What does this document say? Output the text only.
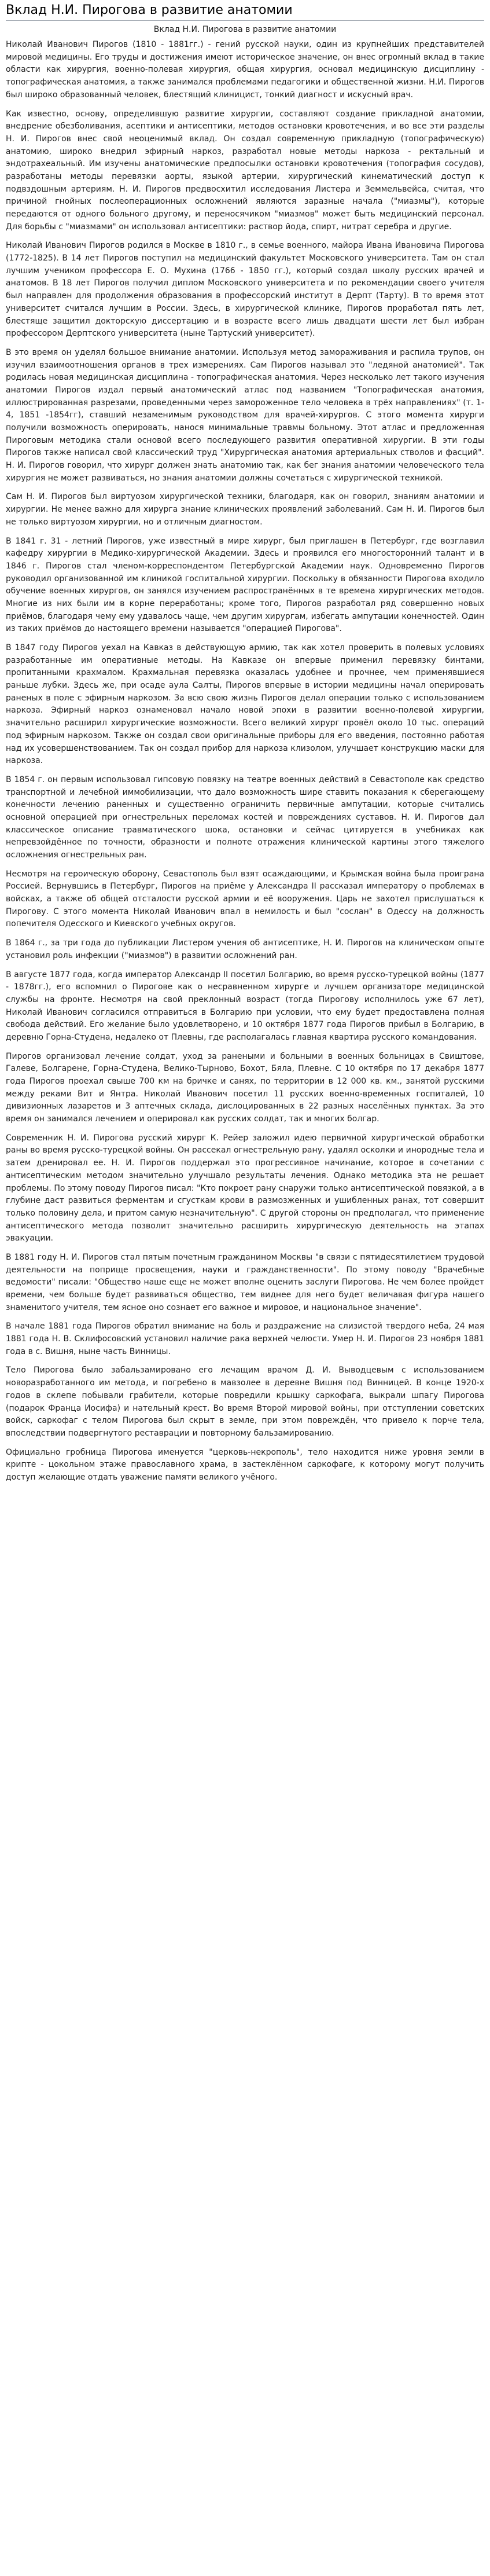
Вклад Н.И. Пирогова в развитие анатомии
Вклад Н.И. Пирогова в развитие анатомии

Николай Иванович Пирогов (1810 - 1881гг.) - гений русской науки, один из крупнейших представителей мировой медицины. Его труды и достижения имеют историческое значение, он внес огромный вклад в такие области как хирургия, военно-полевая хирургия, общая хирургия, основал медицинскую дисциплину - топографическая анатомия, а также занимался проблемами педагогики и общественной жизни. Н.И. Пирогов был широко образованный человек, блестящий клиницист, тонкий диагност и искусный врач.

Как известно, основу, определившую развитие хирургии, составляют создание прикладной анатомии, внедрение обезболивания, асептики и антисептики, методов остановки кровотечения, и во все эти разделы Н. И. Пирогов внес свой неоценимый вклад. Он создал современную прикладную (топографическую) анатомию, широко внедрил эфирный наркоз, разработал новые методы наркоза - ректальный и эндотрахеальный. Им изучены анатомические предпосылки остановки кровотечения (топография сосудов), разработаны методы перевязки аорты, языкой артерии, хирургический кинематический доступ к подвздошным артериям. Н. И. Пирогов предвосхитил исследования Листера и Земмельвейса, считая, что причиной гнойных послеоперационных осложнений являются заразные начала ("миазмы"), которые передаются от одного больного другому, и переносячиком "миазмов" может быть медицинский персонал. Для борьбы с "миазмами" он использовал антисептики: раствор йода, спирт, нитрат серебра и другие.

Николай Иванович Пирогов родился в Москве в 1810 г., в семье военного, майора Ивана Ивановича Пирогова (1772-1825). В 14 лет Пирогов поступил на медицинский факультет Московского университета. Там он стал лучшим учеником профессора Е. О. Мухина (1766 - 1850 гг.), который создал школу русских врачей и анатомов. В 18 лет Пирогов получил диплом Московского университета и по рекомендации своего учителя был направлен для продолжения образования в профессорский институт в Дерпт (Тарту). В то время этот университет считался лучшим в России. Здесь, в хирургической клинике, Пирогов проработал пять лет, блестяще защитил докторскую диссертацию и в возрасте всего лишь двадцати шести лет был избран профессором Дерптского университета (ныне Тартуский университет).

В это время он уделял большое внимание анатомии. Используя метод замораживания и распила трупов, он изучил взаимоотношения органов в трех измерениях. Сам Пирогов называл это "ледяной анатомией". Так родилась новая медицинская дисциплина - топографическая анатомия. Через несколько лет такого изучения анатомии Пирогов издал первый анатомический атлас под названием "Топографическая анатомия, иллюстрированная разрезами, проведенными через замороженное тело человека в трёх направлениях" (т. 1-4, 1851 -1854гг), ставший незаменимым руководством для врачей-хирургов. С этого момента хирурги получили возможность оперировать, нанося минимальные травмы больному. Этот атлас и предложенная Пироговым методика стали основой всего последующего развития оперативной хирургии. В эти годы Пирогов также написал свой классический труд "Хирургическая анатомия артериальных стволов и фасций". Н. И. Пирогов говорил, что хирург должен знать анатомию так, как бег знания анатомии человеческого тела хирургия не может развиваться, но знания анатомии должны сочетаться с хирургической техникой.

Сам Н. И. Пирогов был виртуозом хирургической техники, благодаря, как он говорил, знаниям анатомии и хирургии. Не менее важно для хирурга знание клинических проявлений заболеваний. Сам Н. И. Пирогов был не только виртуозом хирургии, но и отличным диагностом.

В 1841 г. 31 - летний Пирогов, уже известный в мире хирург, был приглашен в Петербург, где возглавил кафедру хирургии в Медико-хирургической Академии. Здесь и проявился его многосторонний талант и в 1846 г. Пирогов стал членом-корреспондентом Петербургской Академии наук. Одновременно Пирогов руководил организованной им клиникой госпитальной хирургии. Поскольку в обязанности Пирогова входило обучение военных хирургов, он занялся изучением распространённых в те времена хирургических методов. Многие из них были им в корне переработаны; кроме того, Пирогов разработал ряд совершенно новых приёмов, благодаря чему ему удавалось чаще, чем другим хирургам, избегать ампутации конечностей. Один из таких приёмов до настоящего времени называется "операцией Пирогова".

В 1847 году Пирогов уехал на Кавказ в действующую армию, так как хотел проверить в полевых условиях разработанные им оперативные методы. На Кавказе он впервые применил перевязку бинтами, пропитанными крахмалом. Крахмальная перевязка оказалась удобнее и прочнее, чем применявшиеся раньше лубки. Здесь же, при осаде аула Салты, Пирогов впервые в истории медицины начал оперировать раненых в поле с эфирным наркозом. За всю свою жизнь Пирогов делал операции только с использованием наркоза. Эфирный наркоз ознаменовал начало новой эпохи в развитии военно-полевой хирургии, значительно расширил хирургические возможности. Всего великий хирург провёл около 10 тыс. операций под эфирным наркозом. Также он создал свои оригинальные приборы для его введения, постоянно работая над их усовершенствованием. Так он создал прибор для наркоза клизолом, улучшает конструкцию маски для наркоза.

В 1854 г. он первым использовал гипсовую повязку на театре военных действий в Севастополе как средство транспортной и лечебной иммобилизации, что дало возможность шире ставить показания к сберегающему конечности лечению раненных и существенно ограничить первичные ампутации, которые считались основной операцией при огнестрельных переломах костей и повреждениях суставов. Н. И. Пирогов дал классическое описание травматического шока, остановки и сейчас цитируется в учебниках как непревзойдённое по точности, образности и полноте отражения клинической картины этого тяжелого осложнения огнестрельных ран.

Несмотря на героическую оборону, Севастополь был взят осаждающими, и Крымская война была проиграна Россией. Вернувшись в Петербург, Пирогов на приёме у Александра II рассказал императору о проблемах в войсках, а также об общей отсталости русской армии и её вооружения. Царь не захотел прислушаться к Пирогову. С этого момента Николай Иванович впал в немилость и был "сослан" в Одессу на должность попечителя Одесского и Киевского учебных округов.

В 1864 г., за три года до публикации Листером учения об антисептике, Н. И. Пирогов на клиническом опыте установил роль инфекции ("миазмов") в развитии осложнений ран.

В августе 1877 года, когда император Александр II посетил Болгарию, во время русско-турецкой войны (1877 - 1878гг.), его вспомнил о Пирогове как о несравненном хирурге и лучшем организаторе медицинской службы на фронте. Несмотря на свой преклонный возраст (тогда Пирогову исполнилось уже 67 лет), Николай Иванович согласился отправиться в Болгарию при условии, что ему будет предоставлена полная свобода действий. Его желание было удовлетворено, и 10 октября 1877 года Пирогов прибыл в Болгарию, в деревню Горна-Студена, недалеко от Плевны, где располагалась главная квартира русского командования.

Пирогов организовал лечение солдат, уход за ранеными и больными в военных больницах в Свиштове, Галеве, Болгарене, Горна-Студена, Велико-Тырново, Бохот, Бяла, Плевне. С 10 октября по 17 декабря 1877 года Пирогов проехал свыше 700 км на бричке и санях, по территории в 12 000 кв. км., занятой русскими между реками Вит и Янтра. Николай Иванович посетил 11 русских военно-временных госпиталей, 10 дивизионных лазаретов и 3 аптечных склада, дислоцированных в 22 разных населённых пунктах. За это время он занимался лечением и оперировал как русских солдат, так и многих болгар.

Современник Н. И. Пирогова русский хирург К. Рейер заложил идею первичной хирургической обработки раны во время русско-турецкой войны. Он рассекал огнестрельную рану, удалял осколки и инородные тела и затем дренировал ее. Н. И. Пирогов поддержал это прогрессивное начинание, которое в сочетании с антисептическим методом значительно улучшало результаты лечения. Однако методика эта не решает проблемы. По этому поводу Пирогов писал: "Кто покроет рану снаружи только антисептической повязкой, а в глубине даст развиться ферментам и сгусткам крови в размозженных и ушибленных ранах, тот совершит только половину дела, и притом самую незначительную". С другой стороны он предполагал, что применение антисептического метода позволит значительно расширить хирургическую деятельность на этапах эвакуации.

В 1881 году Н. И. Пирогов стал пятым почетным гражданином Москвы "в связи с пятидесятилетием трудовой деятельности на поприще просвещения, науки и гражданственности". По этому поводу "Врачебные ведомости" писали: "Общество наше еще не может вполне оценить заслуги Пирогова. Не чем более пройдет времени, чем больше будет развиваться общество, тем виднее для него будет величавая фигура нашего знаменитого учителя, тем ясное оно сознает его важное и мировое, и национальное значение".

В начале 1881 года Пирогов обратил внимание на боль и раздражение на слизистой твердого неба, 24 мая 1881 года Н. В. Склифосовский установил наличие рака верхней челюсти. Умер Н. И. Пирогов 23 ноября 1881 года в с. Вишня, ныне часть Винницы.

Тело Пирогова было забальзамировано его лечащим врачом Д. И. Выводцевым с использованием новоразработанного им метода, и погребено в мавзолее в деревне Вишня под Винницей. В конце 1920-х годов в склепе побывали грабители, которые повредили крышку саркофага, выкрали шпагу Пирогова (подарок Франца Иосифа) и нательный крест. Во время Второй мировой войны, при отступлении советских войск, саркофаг с телом Пирогова был скрыт в земле, при этом повреждён, что привело к порче тела, впоследствии подвергнутого реставрации и повторному бальзамированию.

Официально гробница Пирогова именуется "церковь-некрополь", тело находится ниже уровня земли в крипте - цокольном этаже православного храма, в застеклённом саркофаге, к которому могут получить доступ желающие отдать уважение памяти великого учёного.
